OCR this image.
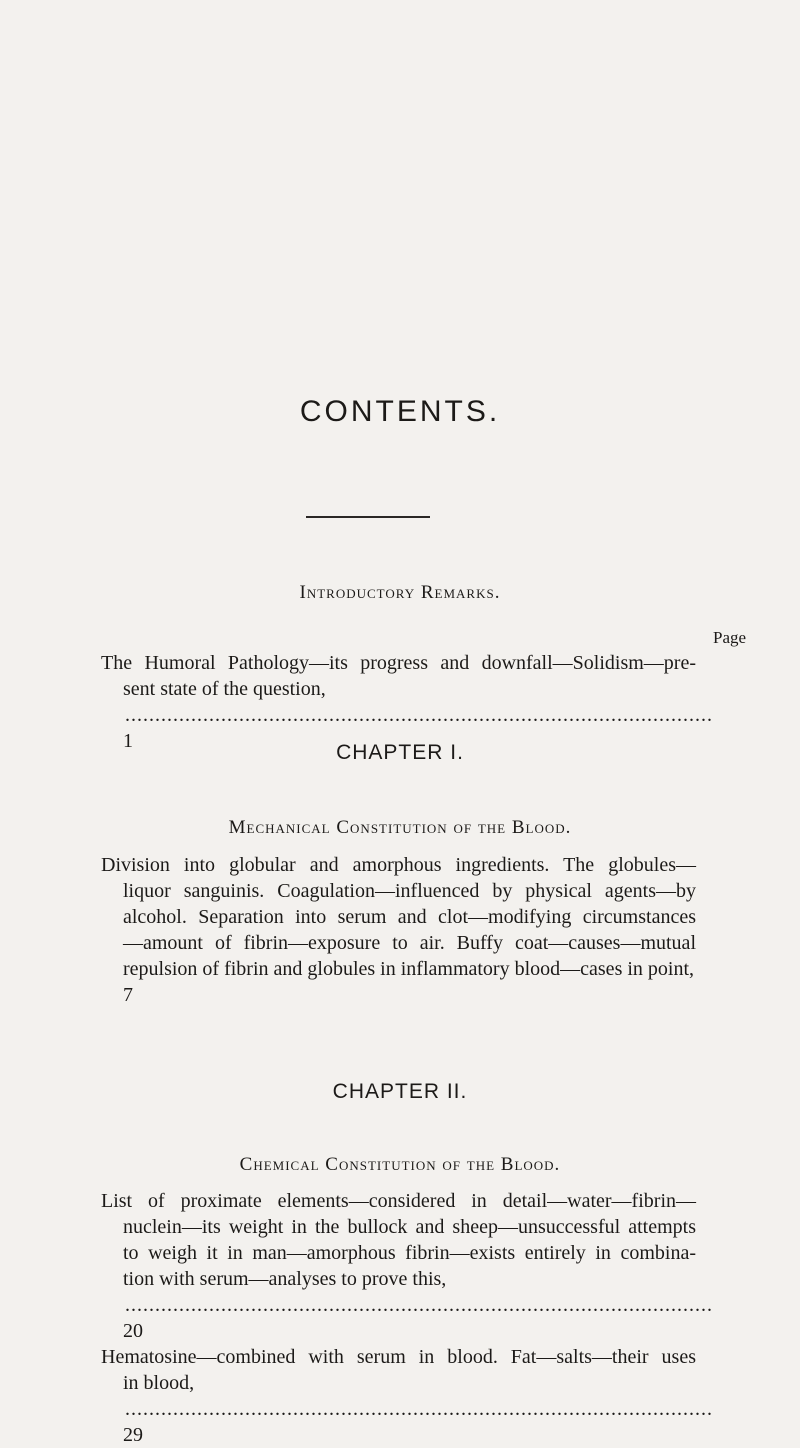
CONTENTS.
Introductory Remarks.
Page
The Humoral Pathology—its progress and downfall—Solidism—pre-
sent state of the question, .................................................................................................. 1	CHAPTER I.
Mechanical Constitution of the Blood.
Division into globular and amorphous ingredients. The globules—
liquor sanguinis. Coagulation—influenced by physical agents—by
alcohol. Separation into serum and clot—modifying circumstances
—amount of fibrin—exposure to air. Buffy coat—causes—mutual
repulsion of fibrin and globules in inflammatory blood—cases in point, 7
CHAPTER II.
Chemical Constitution of the Blood.
List of proximate elements—considered in detail—water—fibrin—
nuclein—its weight in the bullock and sheep—unsuccessful attempts
to weigh it in man—amorphous fibrin—exists entirely in combina-
tion with serum—analyses to prove this, .................................................................................................. 20
Hematosine—combined with serum in blood. Fat—salts—their uses
in blood, .................................................................................................. 29
